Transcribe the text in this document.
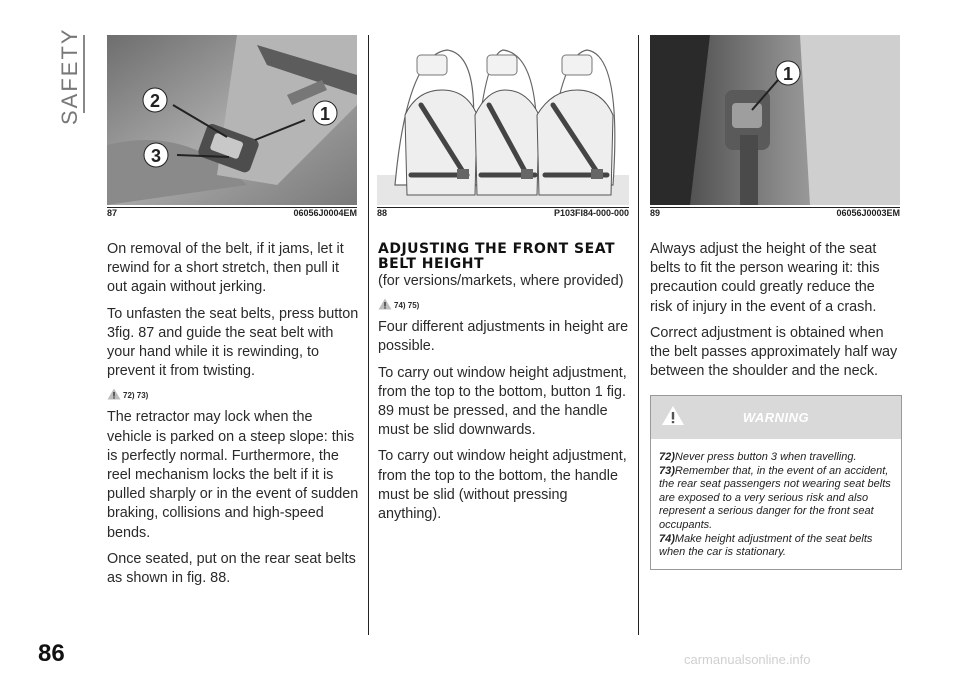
SAFETY	2
1
3
87	06056J0004EM 88	P103FI84-000-000
1
89	06056J0003EM

On removal of the belt, if it jams, let it rewind for a short stretch, then pull it out again without jerking.

To unfasten the seat belts, press button 3fig. 87 and guide the seat belt with your hand while it is rewinding, to prevent it from twisting.

72) 73)

The retractor may lock when the vehicle is parked on a steep slope: this is perfectly normal. Furthermore, the reel mechanism locks the belt if it is pulled sharply or in the event of sudden braking, collisions and high-speed bends.

Once seated, put on the rear seat belts as shown in fig. 88.

ADJUSTING THE FRONT SEAT BELT HEIGHT

(for versions/markets, where provided)

74) 75)

Four different adjustments in height are possible.

To carry out window height adjustment, from the top to the bottom, button 1 fig. 89 must be pressed, and the handle must be slid downwards.

To carry out window height adjustment, from the top to the bottom, the handle must be slid (without pressing anything).

Always adjust the height of the seat belts to fit the person wearing it: this precaution could greatly reduce the risk of injury in the event of a crash.

Correct adjustment is obtained when the belt passes approximately half way between the shoulder and the neck.

WARNING
72)Never press button 3 when travelling.
73)Remember that, in the event of an accident, the rear seat passengers not wearing seat belts are exposed to a very serious risk and also represent a serious danger for the front seat occupants.
74)Make height adjustment of the seat belts when the car is stationary.
86	carmanualsonline.info
